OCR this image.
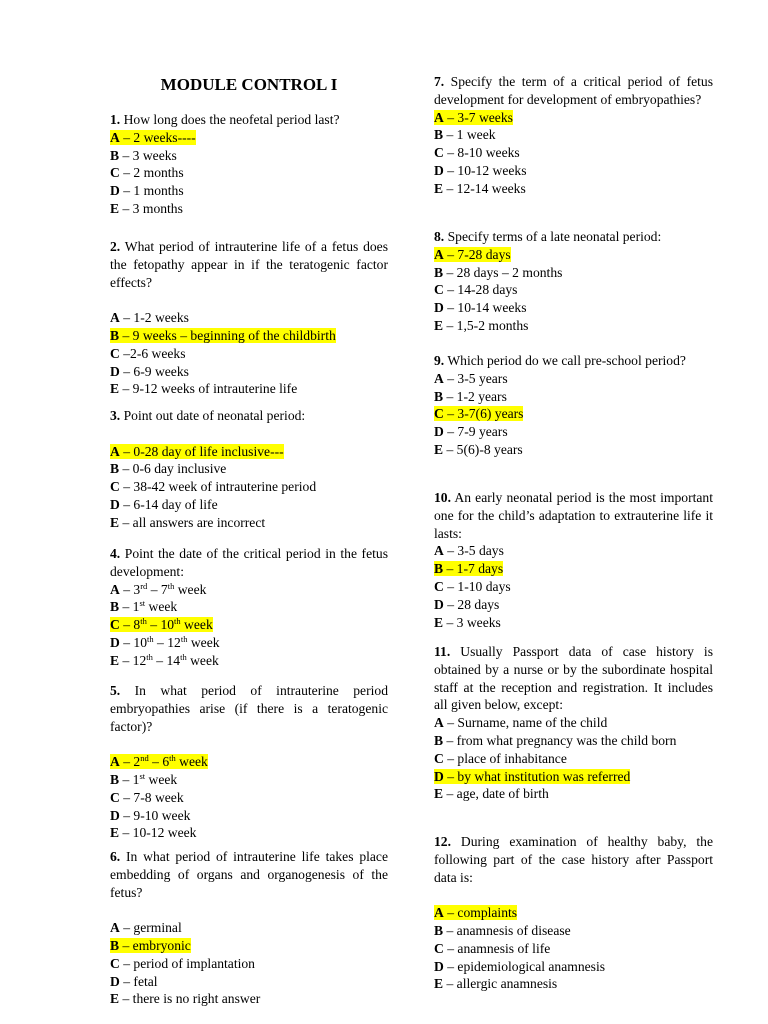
MODULE CONTROL I
1. How long does the neofetal period last?
A – 2 weeks----
B – 3 weeks
C – 2 months
D – 1 months
E – 3 months
2. What period of intrauterine life of a fetus does the fetopathy appear in if the teratogenic factor effects?
A – 1-2 weeks
B – 9 weeks – beginning of the childbirth
C –2-6 weeks
D – 6-9 weeks
E – 9-12 weeks of intrauterine life
3. Point out date of neonatal period:
A – 0-28 day of life inclusive---
B – 0-6 day inclusive
C – 38-42 week of intrauterine period
D – 6-14 day of life
E – all answers are incorrect
4. Point the date of the critical period in the fetus development:
A – 3rd – 7th week
B – 1st week
C – 8th – 10th week
D – 10th – 12th week
E – 12th – 14th week
5. In what period of intrauterine period embryopathies arise (if there is a teratogenic factor)?
A – 2nd – 6th week
B – 1st week
C – 7-8 week
D – 9-10 week
E – 10-12 week
6. In what period of intrauterine life takes place embedding of organs and organogenesis of the fetus?
A – germinal
B – embryonic
C – period of implantation
D – fetal
E – there is no right answer
7. Specify the term of a critical period of fetus development for development of embryopathies?
A – 3-7 weeks
B – 1 week
C – 8-10 weeks
D – 10-12 weeks
E – 12-14 weeks
8. Specify terms of a late neonatal period:
A – 7-28 days
B – 28 days – 2 months
C – 14-28 days
D – 10-14 weeks
E – 1,5-2 months
9. Which period do we call pre-school period?
A – 3-5 years
B – 1-2 years
C – 3-7(6) years
D – 7-9 years
E – 5(6)-8 years
10. An early neonatal period is the most important one for the child’s adaptation to extrauterine life it lasts:
A – 3-5 days
B – 1-7 days
C – 1-10 days
D – 28 days
E – 3 weeks
11. Usually Passport data of case history is obtained by a nurse or by the subordinate hospital staff at the reception and registration. It includes all given below, except:
A – Surname, name of the child
B – from what pregnancy was the child born
C – place of inhabitance
D – by what institution was referred
E – age, date of birth
12. During examination of healthy baby, the following part of the case history after Passport data is:
A – complaints
B – anamnesis of disease
C – anamnesis of life
D – epidemiological anamnesis
E – allergic anamnesis
